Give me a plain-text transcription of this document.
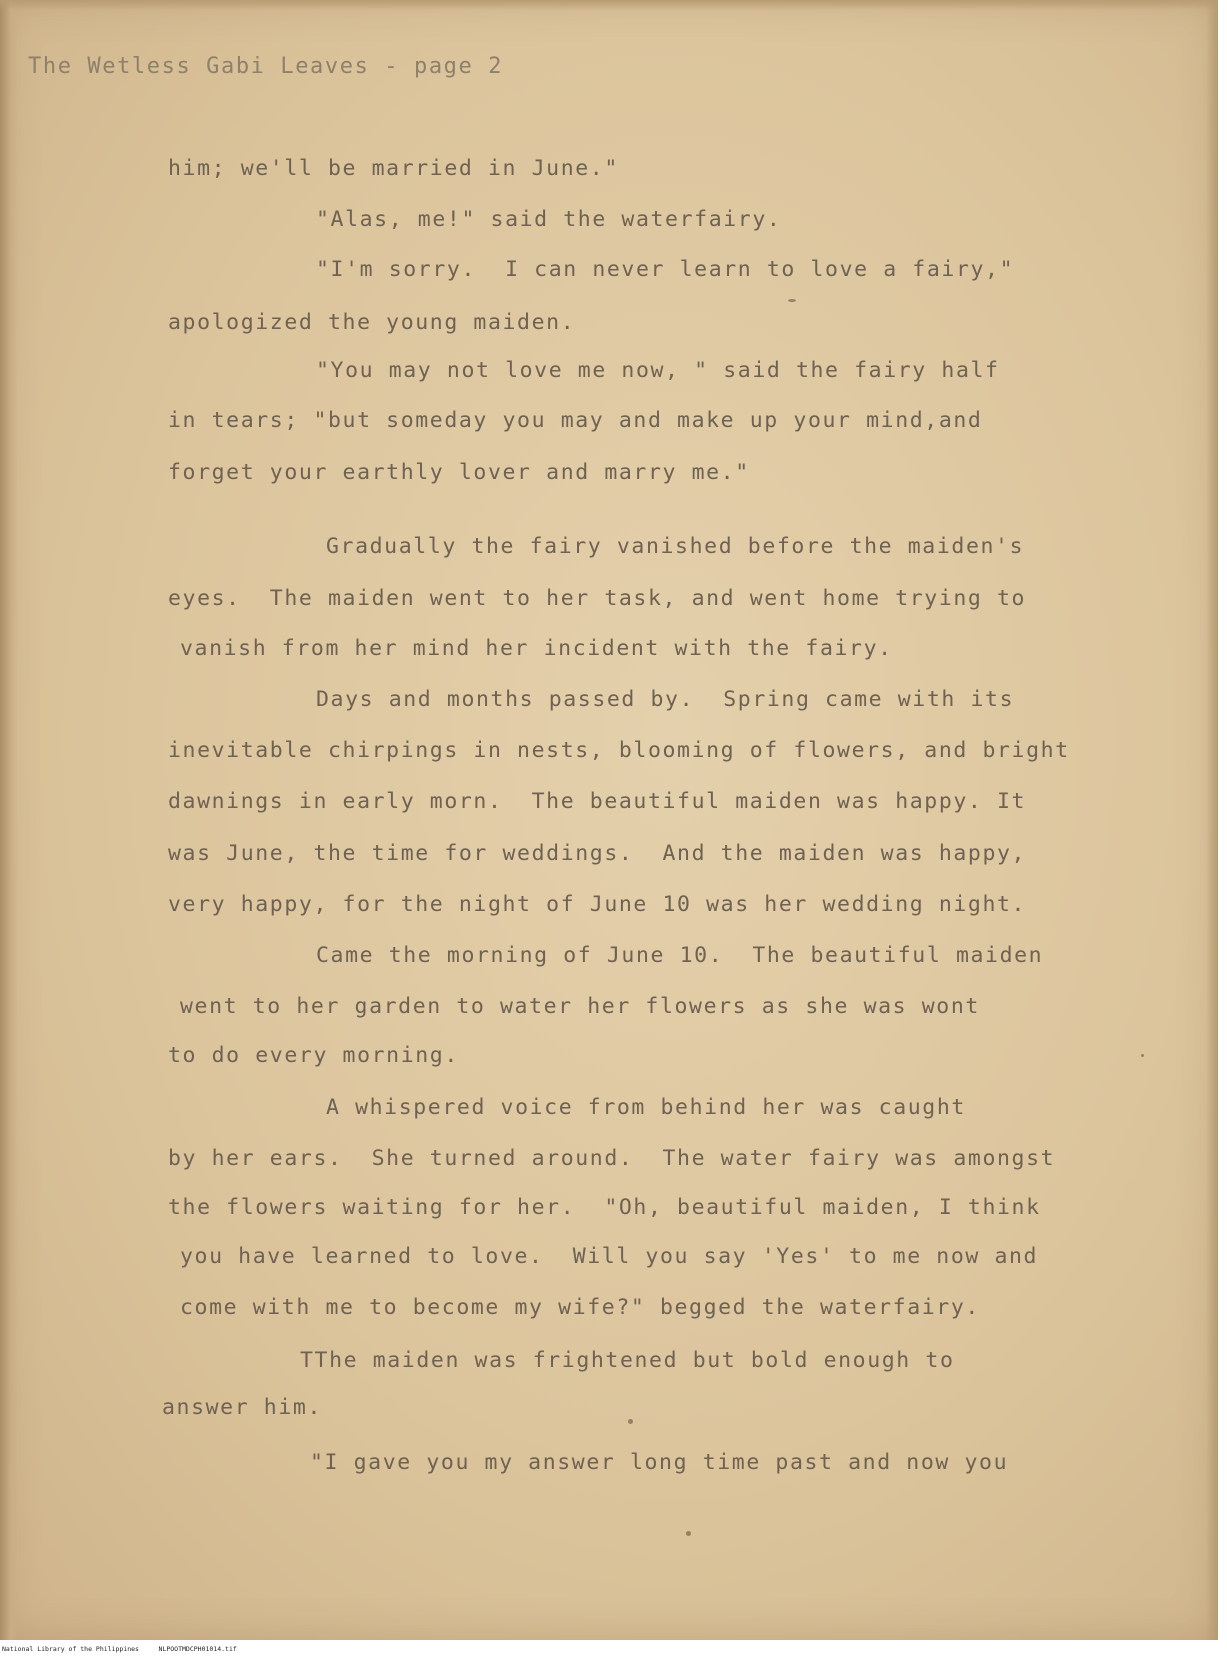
The Wetless Gabi Leaves - page 2
him; we'll be married in June."
"Alas, me!" said the waterfairy.
"I'm sorry.  I can never learn to love a fairy,"
apologized the young maiden.
"You may not love me now, " said the fairy half
in tears; "but someday you may and make up your mind,and
forget your earthly lover and marry me."
Gradually the fairy vanished before the maiden's
eyes.  The maiden went to her task, and went home trying to
vanish from her mind her incident with the fairy.
Days and months passed by.  Spring came with its
inevitable chirpings in nests, blooming of flowers, and bright
dawnings in early morn.  The beautiful maiden was happy. It
was June, the time for weddings.  And the maiden was happy,
very happy, for the night of June 10 was her wedding night.
Came the morning of June 10.  The beautiful maiden
went to her garden to water her flowers as she was wont
to do every morning.
A whispered voice from behind her was caught
by her ears.  She turned around.  The water fairy was amongst
the flowers waiting for her.  "Oh, beautiful maiden, I think
you have learned to love.  Will you say 'Yes' to me now and
come with me to become my wife?" begged the waterfairy.
TThe maiden was frightened but bold enough to
answer him.
"I gave you my answer long time past and now you
National Library of the Philippines     NLPOOTMDCPH01014.tif
